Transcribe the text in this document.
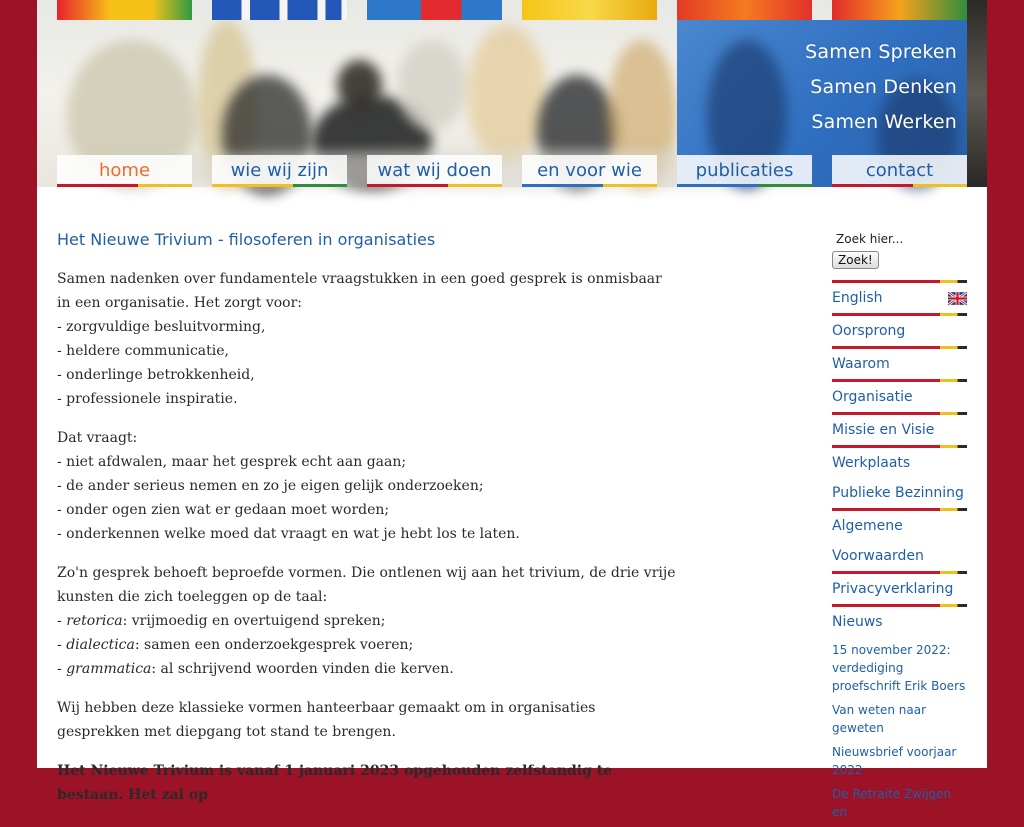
Samen Spreken
Samen Denken
Samen Werken
home	wie wij zijn	wat wij doen	en voor wie	publicaties	contact
Het Nieuwe Trivium - filosoferen in organisaties

Samen nadenken over fundamentele vraagstukken in een goed gesprek is onmisbaar in een organisatie. Het zorgt voor:
- zorgvuldige besluitvorming,
- heldere communicatie,
- onderlinge betrokkenheid,
- professionele inspiratie.

Dat vraagt:
- niet afdwalen, maar het gesprek echt aan gaan;
- de ander serieus nemen en zo je eigen gelijk onderzoeken;
- onder ogen zien wat er gedaan moet worden;
- onderkennen welke moed dat vraagt en wat je hebt los te laten.

Zo'n gesprek behoeft beproefde vormen. Die ontlenen wij aan het trivium, de drie vrije kunsten die zich toeleggen op de taal:
- retorica: vrijmoedig en overtuigend spreken;
- dialectica: samen een onderzoekgesprek voeren;
- grammatica: al schrijvend woorden vinden die kerven.

Wij hebben deze klassieke vormen hanteerbaar gemaakt om in organisaties gesprekken met diepgang tot stand te brengen.

Het Nieuwe Trivium is vanaf 1 januari 2023 opgehouden zelfstandig te bestaan. Het zal op

Zoek hier...
Zoek!
English
Oorsprong
Waarom
Organisatie
Missie en Visie
Werkplaats Publieke Bezinning
Algemene Voorwaarden
Privacyverklaring
Nieuws
15 november 2022: verdediging proefschrift Erik Boers
Van weten naar geweten
Nieuwsbrief voorjaar 2022
De Retraite Zwijgen en
